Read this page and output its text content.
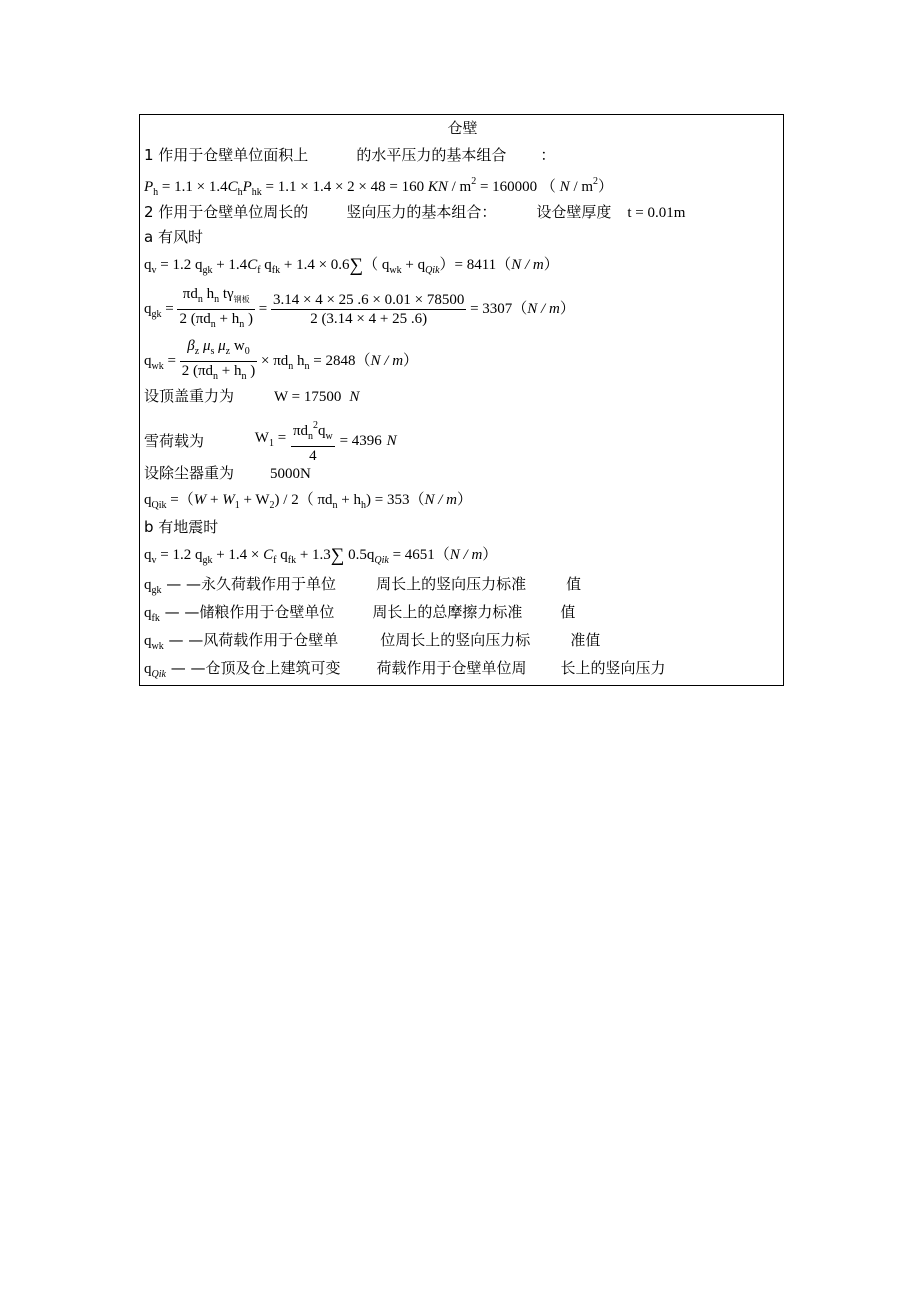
仓壁
1 作用于仓壁单位面积上	的水平压力的基本组合 ：
$P_h = 1.1 \times 1.4C_hP_{hk} = 1.1 \times 1.4 \times 2 \times 48 = 160$ KN / $m^2 = 160000$ （ N / $m^2$）
2 作用于仓壁单位周长的	竖向压力的基本组合：	设仓壁厚度 t = 0.01m
a 有风时
$q_v = 1.2$ $q_{gk} + 1.4C_f$ $q_{fk} + 1.4 \times 0.6\sum$（ $q_{wk} + q_{Qik})= 8411(N / m)$
$q_{gk} = \frac{\pi d_n h_n t\gamma_{钢板}}{2 (\pi d_n + h_n )} = \frac{3.14 \times 4 \times 25 .6 \times 0.01 \times 78500}{2 (3.14 \times 4 + 25 .6)} = 3307(N / m)$
$q_{wk} = \frac{\beta_z \mu_s \mu_z w_0}{2 (\pi d_n + h_n )} \times \pi d_n$ $h_n = 2848(N / m)$
设顶盖重力为	W = 17500 N
雪荷载为	$W_1 = \frac{\pi d_n^2q_w}{4} = 4396$ N
设除尘器重为 5000N
$q_{Qik} =(W + W_1 + W_2) / 2$（ $\pi d_n + h_h) = 353(N / m)$
b 有地震时
$q_v = 1.2$ $q_{gk} + 1.4 \times C_f$ $q_{fk} + 1.3\sum$ $0.5q_{Qik} = 4651(N / m)$
$q_{gk}$ — —永久荷载作用于单位	周长上的竖向压力标准	值
$q_{fk}$ — —储粮作用于仓壁单位	周长上的总摩擦力标准	值
$q_{wk}$ — —风荷载作用于仓壁单	位周长上的竖向压力标	准值
$q_{Qik}$ — —仓顶及仓上建筑可变 荷载作用于仓壁单位周 长上的竖向压力
